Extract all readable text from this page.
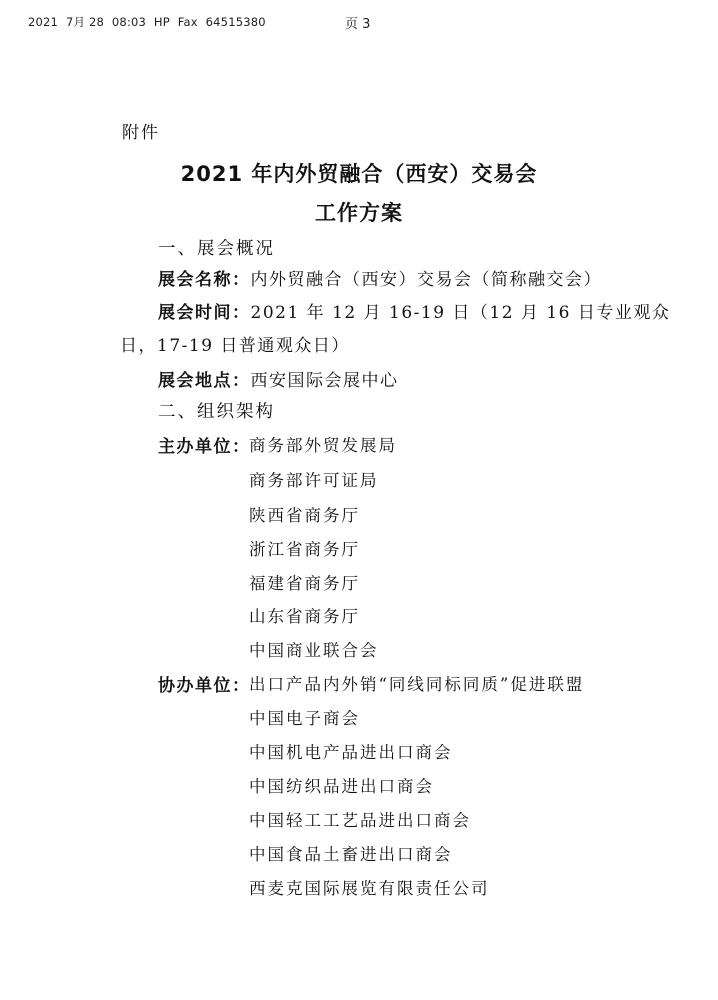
2021 7月 28 08:03 HP Fax 64515380	页 3
附件
2021 年内外贸融合（西安）交易会
工作方案
一、展会概况
展会名称：内外贸融合（西安）交易会（简称融交会）
展会时间：2021 年 12 月 16-19 日（12 月 16 日专业观众
日，17-19 日普通观众日）
展会地点：西安国际会展中心
二、组织架构
主办单位：
商务部外贸发展局
商务部许可证局
陕西省商务厅
浙江省商务厅
福建省商务厅
山东省商务厅
中国商业联合会
协办单位：
出口产品内外销“同线同标同质”促进联盟
中国电子商会
中国机电产品进出口商会
中国纺织品进出口商会
中国轻工工艺品进出口商会
中国食品土畜进出口商会
西麦克国际展览有限责任公司
